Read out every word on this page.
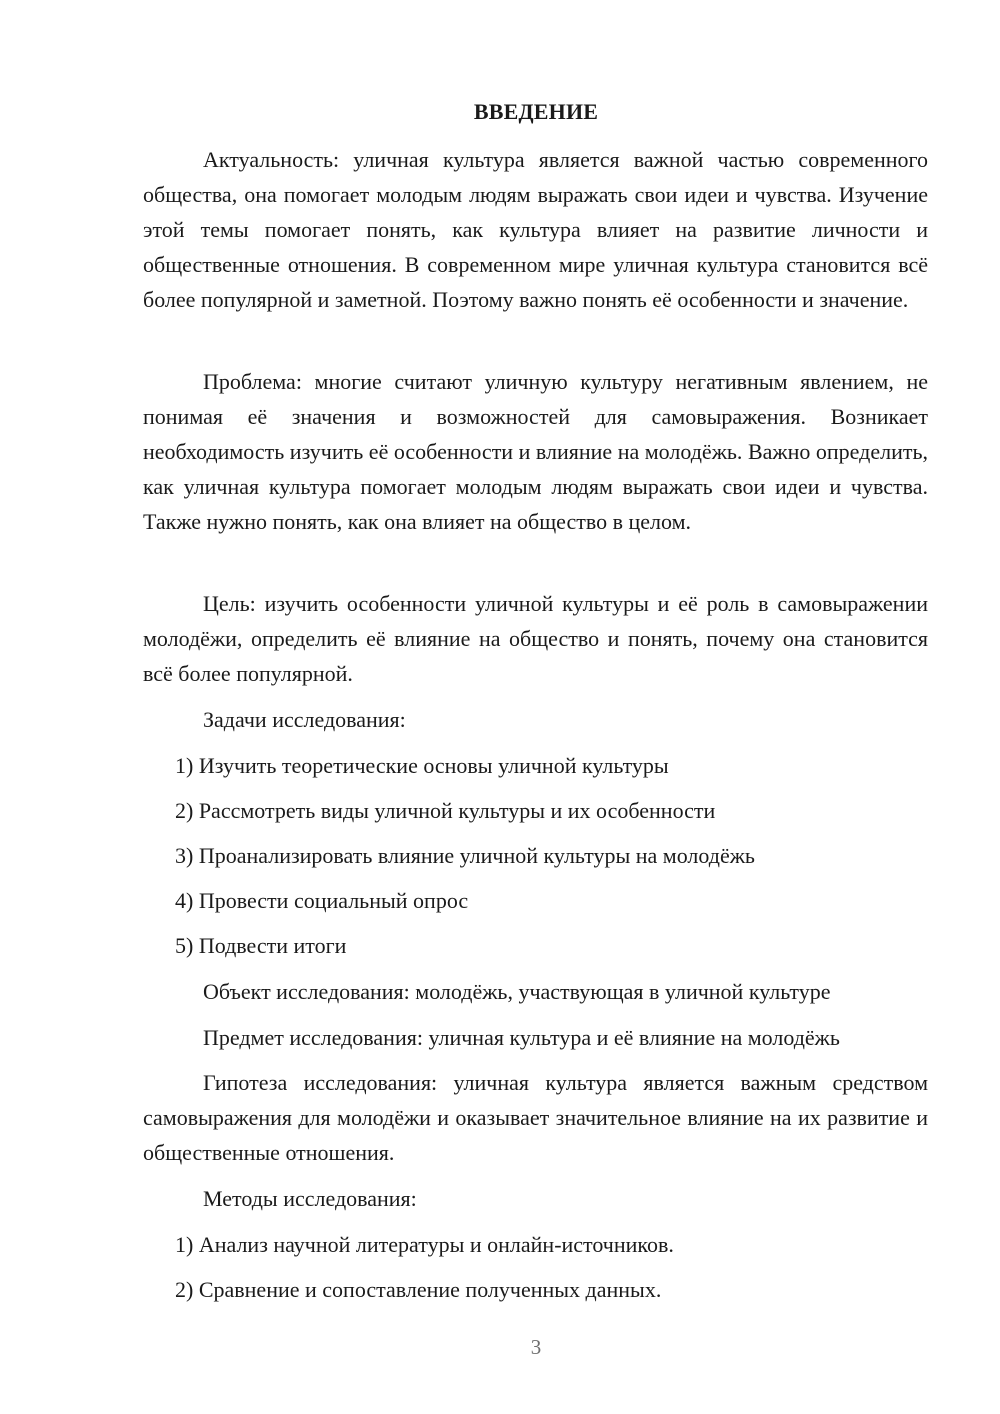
ВВЕДЕНИЕ

Актуальность: уличная культура является важной частью современного общества, она помогает молодым людям выражать свои идеи и чувства. Изучение этой темы помогает понять, как культура влияет на развитие личности и общественные отношения. В современном мире уличная культура становится всё более популярной и заметной. Поэтому важно понять её особенности и значение.

Проблема: многие считают уличную культуру негативным явлением, не понимая её значения и возможностей для самовыражения. Возникает необходимость изучить её особенности и влияние на молодёжь. Важно определить, как уличная культура помогает молодым людям выражать свои идеи и чувства. Также нужно понять, как она влияет на общество в целом.

Цель: изучить особенности уличной культуры и её роль в самовыражении молодёжи, определить её влияние на общество и понять, почему она становится всё более популярной.

Задачи исследования:
1) Изучить теоретические основы уличной культуры
2) Рассмотреть виды уличной культуры и их особенности
3) Проанализировать влияние уличной культуры на молодёжь
4) Провести социальный опрос
5) Подвести итоги
Объект исследования: молодёжь, участвующая в уличной культуре
Предмет исследования: уличная культура и её влияние на молодёжь

Гипотеза исследования: уличная культура является важным средством самовыражения для молодёжи и оказывает значительное влияние на их развитие и общественные отношения.

Методы исследования:
1) Анализ научной литературы и онлайн-источников.
2) Сравнение и сопоставление полученных данных.
3
